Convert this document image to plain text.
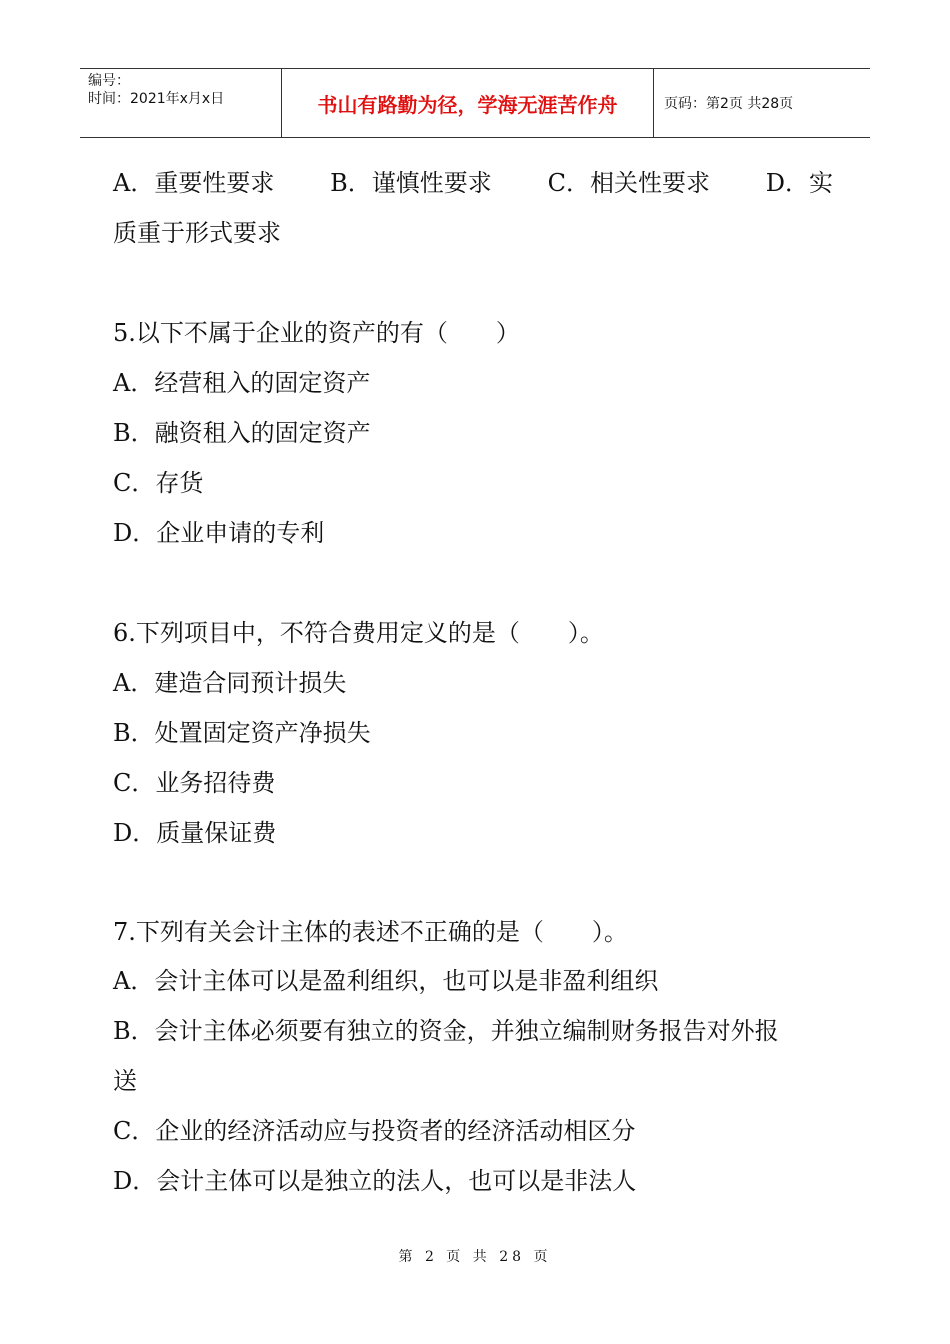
编号：
时间：2021年x月x日	书山有路勤为径，学海无涯苦作舟	页码：第2页 共28页
A．重要性要求 B．谨慎性要求 C．相关性要求 D．实
质重于形式要求
5.以下不属于企业的资产的有（　　）
A．经营租入的固定资产
B．融资租入的固定资产
C．存货
D．企业申请的专利
6.下列项目中，不符合费用定义的是（　　）。
A．建造合同预计损失
B．处置固定资产净损失
C．业务招待费
D．质量保证费
7.下列有关会计主体的表述不正确的是（　　）。
A．会计主体可以是盈利组织，也可以是非盈利组织
B．会计主体必须要有独立的资金，并独立编制财务报告对外报
送
C．企业的经济活动应与投资者的经济活动相区分
D．会计主体可以是独立的法人，也可以是非法人
第 2 页 共 28 页
